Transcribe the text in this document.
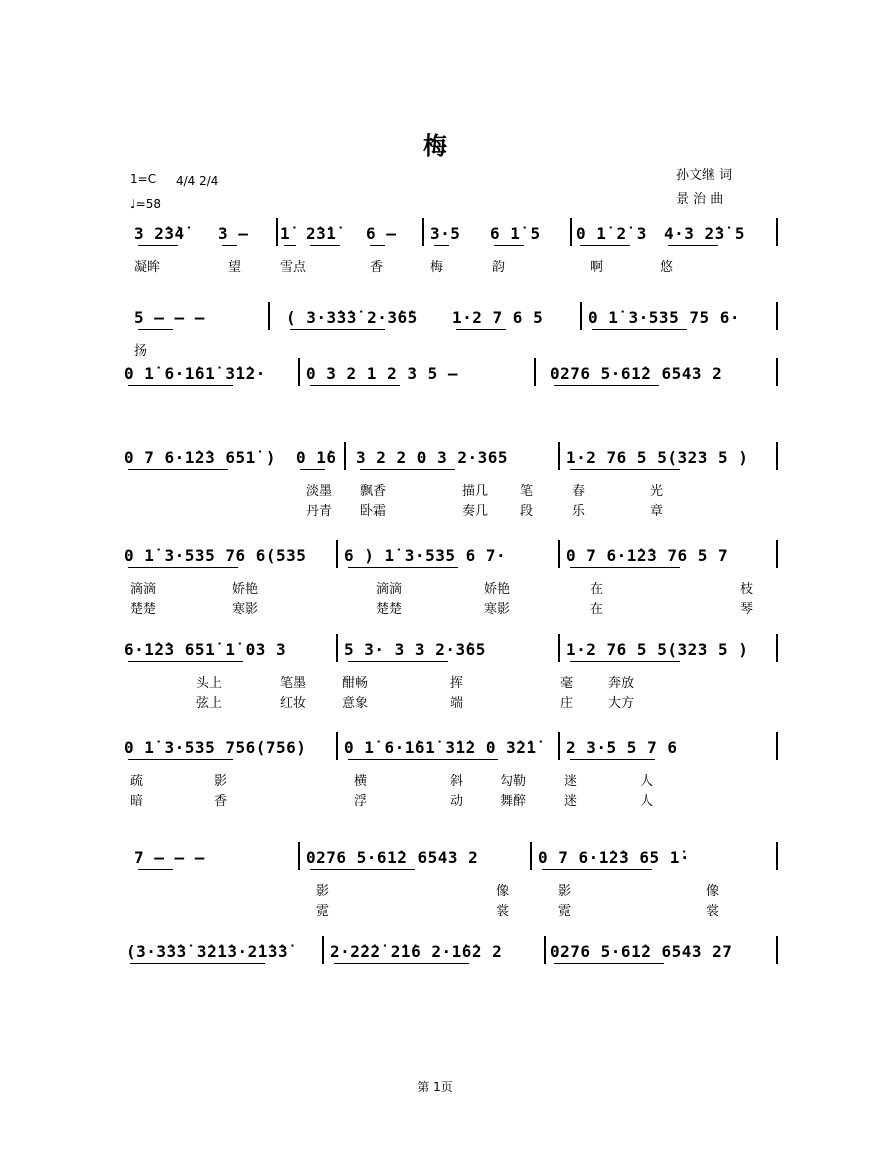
梅
1=C 4/4 2/4
♩=58
孙文继 词
景 治 曲
3 2̇3̇4̇ 3 – 1̇ 2̇3̇1̇ 6 – 3·5 6 1̇ 5 0 1̇ 2̇ 3 4·3 2̇3̇ 5
凝眸	望	雪点	香	梅	韵	啊	悠
5 – – –	( 3·3̇3̇3̇ 2·3̇6̇5 1·2 7 6 5	0 1̇ 3·535 75 6·
扬
0 1̇ 6·1̇61̇ 3̇1̇2·	0 3 2 1 2 3 5 –	0276 5·61̇2 6543 2
0 7 6·1̇2̇3 651̇ ) 0 1̇6 3 2 2 0 3 2·365	1·2 76 5 5(323 5 )
淡墨 飘香	描几 笔	春	光
丹青 卧霜	奏几 段	乐	章
0 1̇ 3·535 76 6(535 6 ) 1̇ 3·535 6 7·	0 7 6·1̇2̇3 76 5 7
滴滴	娇艳	滴滴	娇艳	在	枝
楚楚	寒影	楚楚	寒影	在	琴
6·1̇2̇3 651̇ 1̇ 03 3	5 3· 3 3 2·3̇65	1·2 76 5 5(323 5 )
头上	笔墨	酣畅	挥	毫	奔放
弦上	红妆	意象	端	庄	大方
0 1̇ 3·535 756(756) 0 1̇ 6·1̇61̇ 3̇1̇2 0 3̇2̇1̇ 2 3·5 5 7 6
疏	影	横	斜	勾勒	迷	人
暗	香	浮	动	舞醉	迷	人
7 – – –	0276 5·61̇2 6543 2	0 7 6·1̇2̇3 65 1̇·
影	像	影	像
霓	裳	霓	裳
(3·3̇3̇3̇ 3̇2̇1̇3·2̇1̇3̇3̇	2·2̇2̇2̇ 2̇1̇6 2·1̇6̇2 2	0276 5·61̇2 6543 27
第 1页
